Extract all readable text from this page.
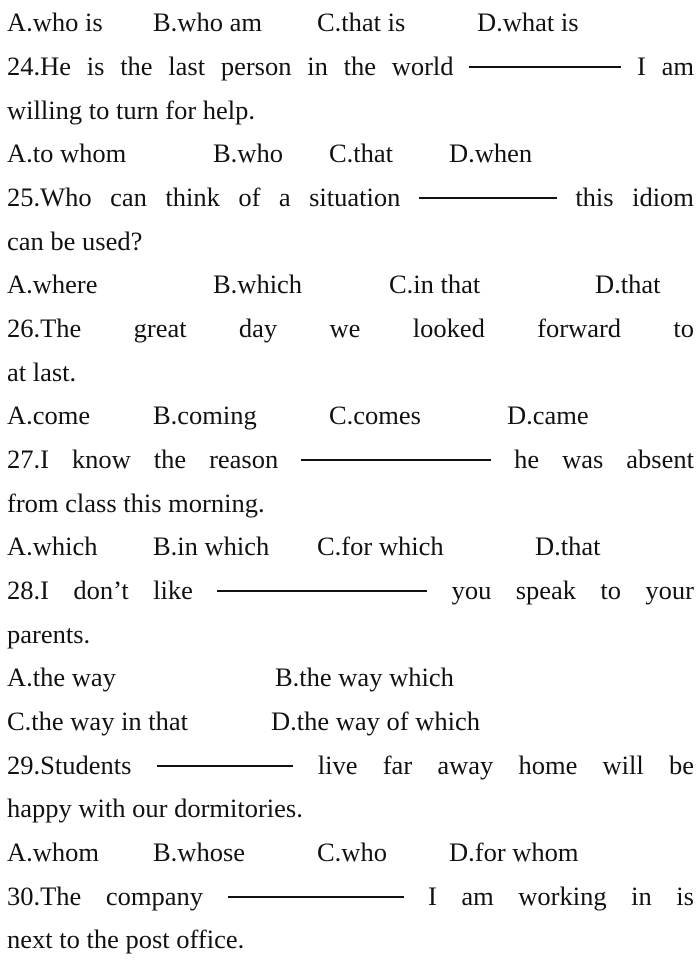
A.who is B.who am C.that is	D.what is
24.He is the last person in the world	I am
willing to turn for help.
A.to whom	B.who C.that D.when
25.Who can think of a situation	this idiom
can be used?
A.where	B.which	C.in that	D.that
26.The great day we looked forward to
at last.
A.come B.coming	C.comes	D.came
27.I know the reason	he was absent
from class this morning.
A.which B.in which C.for which	D.that
28.I don’t like	you speak to your
parents.
A.the way	B.the way which
C.the way in that	D.the way of which
29.Students	live far away home will be
happy with our dormitories.
A.whom B.whose	C.who D.for whom
30.The company	I am working in is
next to the post office.
